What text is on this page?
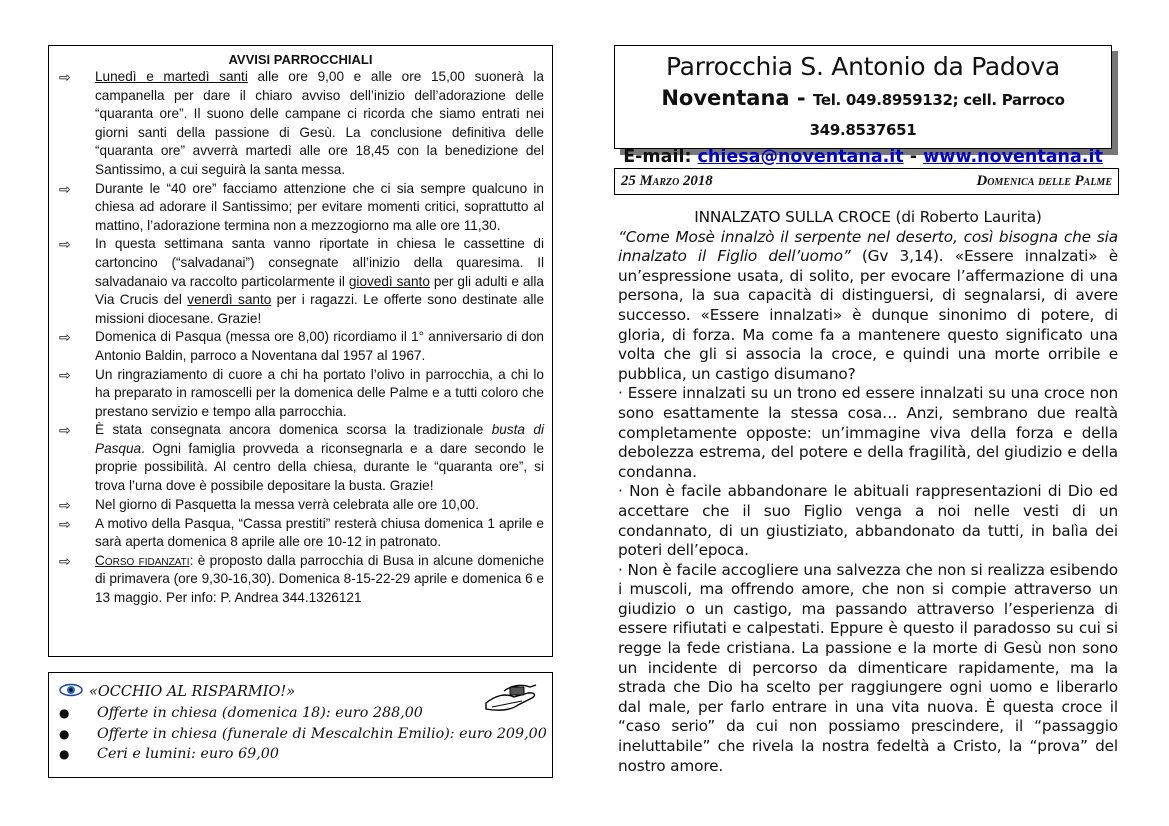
AVVISI PARROCCHIALI
⇨	Lunedì e martedì santi alle ore 9,00 e alle ore 15,00 suonerà la campanella per dare il chiaro avviso dell’inizio dell’adorazione delle “quaranta ore”. Il suono delle campane ci ricorda che siamo entrati nei giorni santi della passione di Gesù. La conclusione definitiva delle “quaranta ore” avverrà martedì alle ore 18,45 con la benedizione del Santissimo, a cui seguirà la santa messa.
⇨	Durante le “40 ore” facciamo attenzione che ci sia sempre qualcuno in chiesa ad adorare il Santissimo; per evitare momenti critici, soprattutto al mattino, l’adorazione termina non a mezzogiorno ma alle ore 11,30.
⇨	In questa settimana santa vanno riportate in chiesa le cassettine di cartoncino (“salvadanai”) consegnate all’inizio della quaresima. Il salvadanaio va raccolto particolarmente il giovedì santo per gli adulti e alla Via Crucis del venerdì santo per i ragazzi. Le offerte sono destinate alle missioni diocesane. Grazie!
⇨	Domenica di Pasqua (messa ore 8,00) ricordiamo il 1° anniversario di don Antonio Baldin, parroco a Noventana dal 1957 al 1967.
⇨	Un ringraziamento di cuore a chi ha portato l’olivo in parrocchia, a chi lo ha preparato in ramoscelli per la domenica delle Palme e a tutti coloro che prestano servizio e tempo alla parrocchia.
⇨	È stata consegnata ancora domenica scorsa la tradizionale busta di Pasqua. Ogni famiglia provveda a riconsegnarla e a dare secondo le proprie possibilità. Al centro della chiesa, durante le “quaranta ore”, si trova l’urna dove è possibile depositare la busta. Grazie!
⇨	Nel giorno di Pasquetta la messa verrà celebrata alle ore 10,00.
⇨	A motivo della Pasqua, “Cassa prestiti” resterà chiusa domenica 1 aprile e sarà aperta domenica 8 aprile alle ore 10-12 in patronato.
⇨	Corso fidanzati: è proposto dalla parrocchia di Busa in alcune domeniche di primavera (ore 9,30-16,30). Domenica 8-15-22-29 aprile e domenica 6 e 13 maggio. Per info: P. Andrea 344.1326121
«OCCHIO AL RISPARMIO!»
●	Offerte in chiesa (domenica 18): euro 288,00
●	Offerte in chiesa (funerale di Mescalchin Emilio): euro 209,00
●	Ceri e lumini: euro 69,00
Parrocchia S. Antonio da Padova
Noventana - Tel. 049.8959132; cell. Parroco 349.8537651
E-mail: chiesa@noventana.it - www.noventana.it
25 Marzo 2018	Domenica delle Palme
INNALZATO SULLA CROCE (di Roberto Laurita)
“Come Mosè innalzò il serpente nel deserto, così bisogna che sia innalzato il Figlio dell’uomo” (Gv 3,14). «Essere innalzati» è un’espressione usata, di solito, per evocare l’affermazione di una persona, la sua capacità di distinguersi, di segnalarsi, di avere successo. «Essere innalzati» è dunque sinonimo di potere, di gloria, di forza. Ma come fa a mantenere questo significato una volta che gli si associa la croce, e quindi una morte orribile e pubblica, un castigo disumano?
· Essere innalzati su un trono ed essere innalzati su una croce non sono esattamente la stessa cosa… Anzi, sembrano due realtà completamente opposte: un’immagine viva della forza e della debolezza estrema, del potere e della fragilità, del giudizio e della condanna.
· Non è facile abbandonare le abituali rappresentazioni di Dio ed accettare che il suo Figlio venga a noi nelle vesti di un condannato, di un giustiziato, abbandonato da tutti, in balìa dei poteri dell’epoca.
· Non è facile accogliere una salvezza che non si realizza esibendo i muscoli, ma offrendo amore, che non si compie attraverso un giudizio o un castigo, ma passando attraverso l’esperienza di essere rifiutati e calpestati. Eppure è questo il paradosso su cui si regge la fede cristiana. La passione e la morte di Gesù non sono un incidente di percorso da dimenticare rapidamente, ma la strada che Dio ha scelto per raggiungere ogni uomo e liberarlo dal male, per farlo entrare in una vita nuova. È questa croce il “caso serio” da cui non possiamo prescindere, il “passaggio ineluttabile” che rivela la nostra fedeltà a Cristo, la “prova” del nostro amore.
